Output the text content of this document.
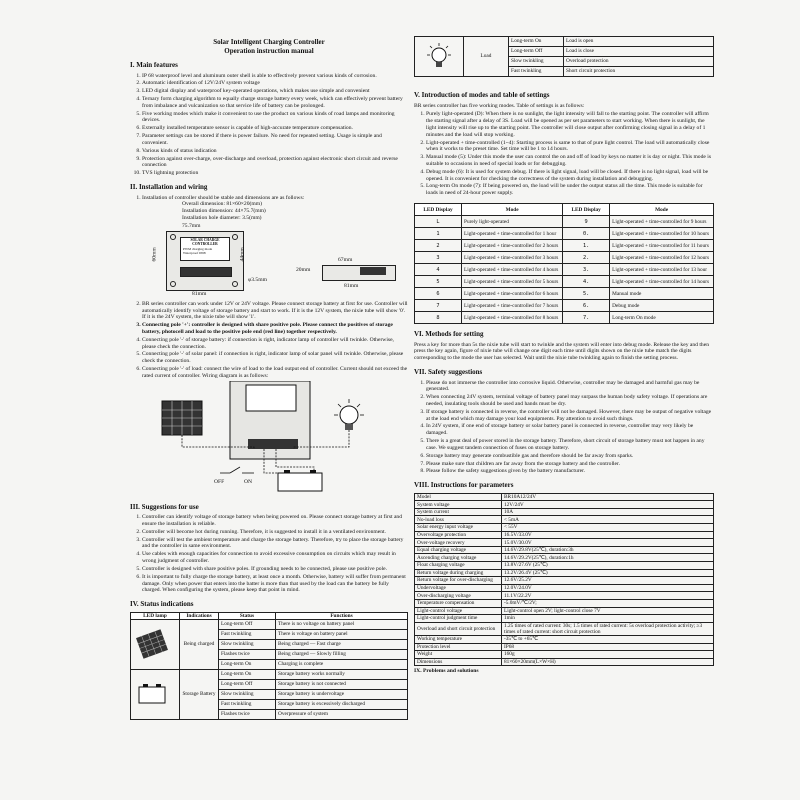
Solar Intelligent Charging Controller
Operation instruction manual
I. Main features
1. IP 68 waterproof level and aluminum outer shell is able to effectively prevent various kinds of corrosion.
2. Automatic identification of 12V/24V system voltage
3. LED digital display and waterproof key-operated operations, which makes use simple and convenient
4. Ternary form charging algorithm to equally charge storage battery every week, which can effectively prevent battery from imbalance and vulcanization so that service life of battery can be prolonged.
5. Five working modes which make it convenient to use the product on various kinds of road lamps and monitoring devices.
6. Externally installed temperature sensor is capable of high-accurate temperature compensation.
7. Parameter settings can be stored if there is power failure. No need for repeated setting. Usage is simple and convenient.
8. Various kinds of status indication
9. Protection against over-charge, over-discharge and overload, protection against electronic short circuit and reverse connection
10. TVS lightning protection
II. Installation and wiring
1. Installation of controller should be stable and dimensions are as follows:
Overall dimension: 81×60×20(mm)
Installation dimension: 44×75.7(mm)
Installation hole diameter: 3.5(mm)
75.7mm
SOLAR CHARGE CONTROLLER
PWM charging mode
Waterproof IP68
60mm	44mm
81mm
φ3.5mm
67mm
20mm
81mm
2. BR series controller can work under 12V or 24V voltage. Please connect storage battery at first for use. Controller will automatically identify voltage of storage battery and start to work. If it is the 12V system, the nixie tube will show '0'. If it is the 24V system, the nixie tube will show '1'.
3. Connecting pole '+': controller is designed with share positive pole. Please connect the positives of storage battery, photocell and load to the positive pole end (red line) together respectively.
4. Connecting pole '-' of storage battery: if connection is right, indicator lamp of controller will twinkle. Otherwise, please check the connection.
5. Connecting pole '-' of solar panel: if connection is right, indicator lamp of solar panel will twinkle. Otherwise, please check the connection.
6. Connecting pole '-' of load: connect the wire of load to the load output end of controller. Current should not exceed the rated current of controller. Wiring diagram is as follows:
OFF	ON
III. Suggestions for use
1. Controller can identify voltage of storage battery when being powered on. Please connect storage battery at first and ensure the installation is reliable.
2. Controller will become hot during running. Therefore, it is suggested to install it in a ventilated environment.
3. Controller will test the ambient temperature and charge the storage battery. Therefore, try to place the storage battery and the controller in same environment.
4. Use cables with enough capacities for connection to avoid excessive consumption on circuits which may result in wrong judgment of controller.
5. Controller is designed with share positive poles. If grounding needs to be connected, please use positive pole.
6. It is important to fully charge the storage battery, at least once a month. Otherwise, battery will suffer from permanent damage. Only when power that enters into the batter is more than that used by the load can the battery be fully charged. When configuring the system, please keep that point in mind.
IV. Status indications
LED lamp	Indications	Status	Functions

	Being charged	Long-term Off	There is no voltage on battery panel
		Fast twinkling	There is voltage on battery panel
		Slow twinkling	Being charged — Fast charge
		Flashes twice	Being charged — Slowly filling
		Long-term On	Charging is complete

	Storage Battery	Long-term On	Storage battery works normally
		Long-term Off	Storage battery is not connected
		Slow twinkling	Storage battery is undervoltage
		Fast twinkling	Storage battery is excessively discharged
		Flashes twice	Overpressure of system
	Load	Long-term On	Load is open
		Long-term Off	Load is close
		Slow twinkling	Overload protection
		Fast twinkling	Short circuit protection
V. Introduction of modes and table of settings

BR series controller has five working modes. Table of settings is as follows:

1. Purely light-operated (D): When there is no sunlight, the light intensity will fall to the starting point. The controller will affirm the starting signal after a delay of 3S. Load will be opened as per set parameters to start working. When there is sunlight, the light intensity will rise up to the starting point. The controller will close output after confirming closing signal in a delay of 1 minutes and the load will stop working.
2. Light-operated + time-controlled (1~4): Starting process is same to that of pure light control. The load will automatically close when it works to the preset time. Set time will be 1 to 14 hours.
3. Manual mode (5): Under this mode the user can control the on and off of load by keys no matter it is day or night. This mode is suitable to occasions in need of special loads or for debugging.
4. Debug mode (6): It is used for system debug. If there is light signal, load will be closed. If there is no light signal, load will be opened. It is convenient for checking the correctness of the system during installation and debugging.
5. Long-term On mode (7): If being powered on, the load will be under the output status all the time. This mode is suitable for loads in need of 24-hour power supply.
LED Display	Mode	LED Display	Mode
L	Purely light-operated	9	Light-operated + time-controlled for 9 hours
1	Light-operated + time-controlled for 1 hour	0.	Light-operated + time-controlled for 10 hours
2	Light-operated + time-controlled for 2 hours	1.	Light-operated + time-controlled for 11 hours
3	Light-operated + time-controlled for 3 hours	2.	Light-operated + time-controlled for 12 hours
4	Light-operated + time-controlled for 4 hours	3.	Light-operated + time-controlled for 13 hour
5	Light-operated + time-controlled for 5 hours	4.	Light-operated + time-controlled for 14 hours
6	Light-operated + time-controlled for 6 hours	5.	Manual mode
7	Light-operated + time-controlled for 7 hours	6.	Debug mode
8	Light-operated + time-controlled for 8 hours	7.	Long-term On mode
VI. Methods for setting

Press a key for more than 5s the nixie tube will start to twinkle and the system will enter into debug mode. Release the key and then press the key again, figure of nixie tube will change one digit each time until digits shown on the nixie tube match the digits corresponding to the mode the user has selected. Wait until the nixie tube twinkling again to finish the setting process.

VII. Safety suggestions
1. Please do not immerse the controller into corrosive liquid. Otherwise, controller may be damaged and harmful gas may be generated.
2. When connecting 24V system, terminal voltage of battery panel may surpass the human body safety voltage. If operations are needed, insulating tools should be used and hands must be dry.
3. If storage battery is connected in reverse, the controller will not be damaged. However, there may be output of negative voltage at the load end which may damage your load equipments. Pay attention to avoid such things.
4. In 24V system, if one end of storage battery or solar battery panel is connected in reverse, controller may very likely be damaged.
5. There is a great deal of power stored in the storage battery. Therefore, short circuit of storage battery must not happen in any case. We suggest tandem connection of fuses on storage battery.
6. Storage battery may generate combustible gas and therefore should be far away from sparks.
7. Please make sure that children are far away from the storage battery and the controller.
8. Please follow the safety suggestions given by the battery manufacturer.
VIII. Instructions for parameters
Model	BR10A12/24V
System voltage	12V/24V
System current	10A
No-load loss	< 5mA
Solar energy input voltage	< 55V
Overvoltage protection	16.5V/33.0V
Over-voltage recovery	15.0V/30.0V
Equal charging voltage	14.6V/29.8V(25℃), duration:3h
Ascending charging voltage	14.6V/29.2V(25℃), duration:1h
Float charging voltage	13.8V/27.6V (25℃)
Return voltage during charging	13.2V/26.4V (25℃)
Return voltage for over-discharging	12.6V/25.2V
Undervoltage	12.0V/24.0V
Over-discharging voltage	11.1V/22.2V
Temperature compensation	-5.0mV/℃/2V;
Light-control voltage	Light-control open 2V; light-control close 7V
Light-control judgment time	1min
Overload and short circuit protection	1.25 times of rated current: 30s; 1.5 times of rated current: 5s overload protection activity; ≥3 times of rated current: short circuit protection
Working temperature	-35℃ to +65℃
Protection level	IP68
Weight	160g
Dimensions	81×60×20mm(L×W×H)
IX. Problems and solutions
